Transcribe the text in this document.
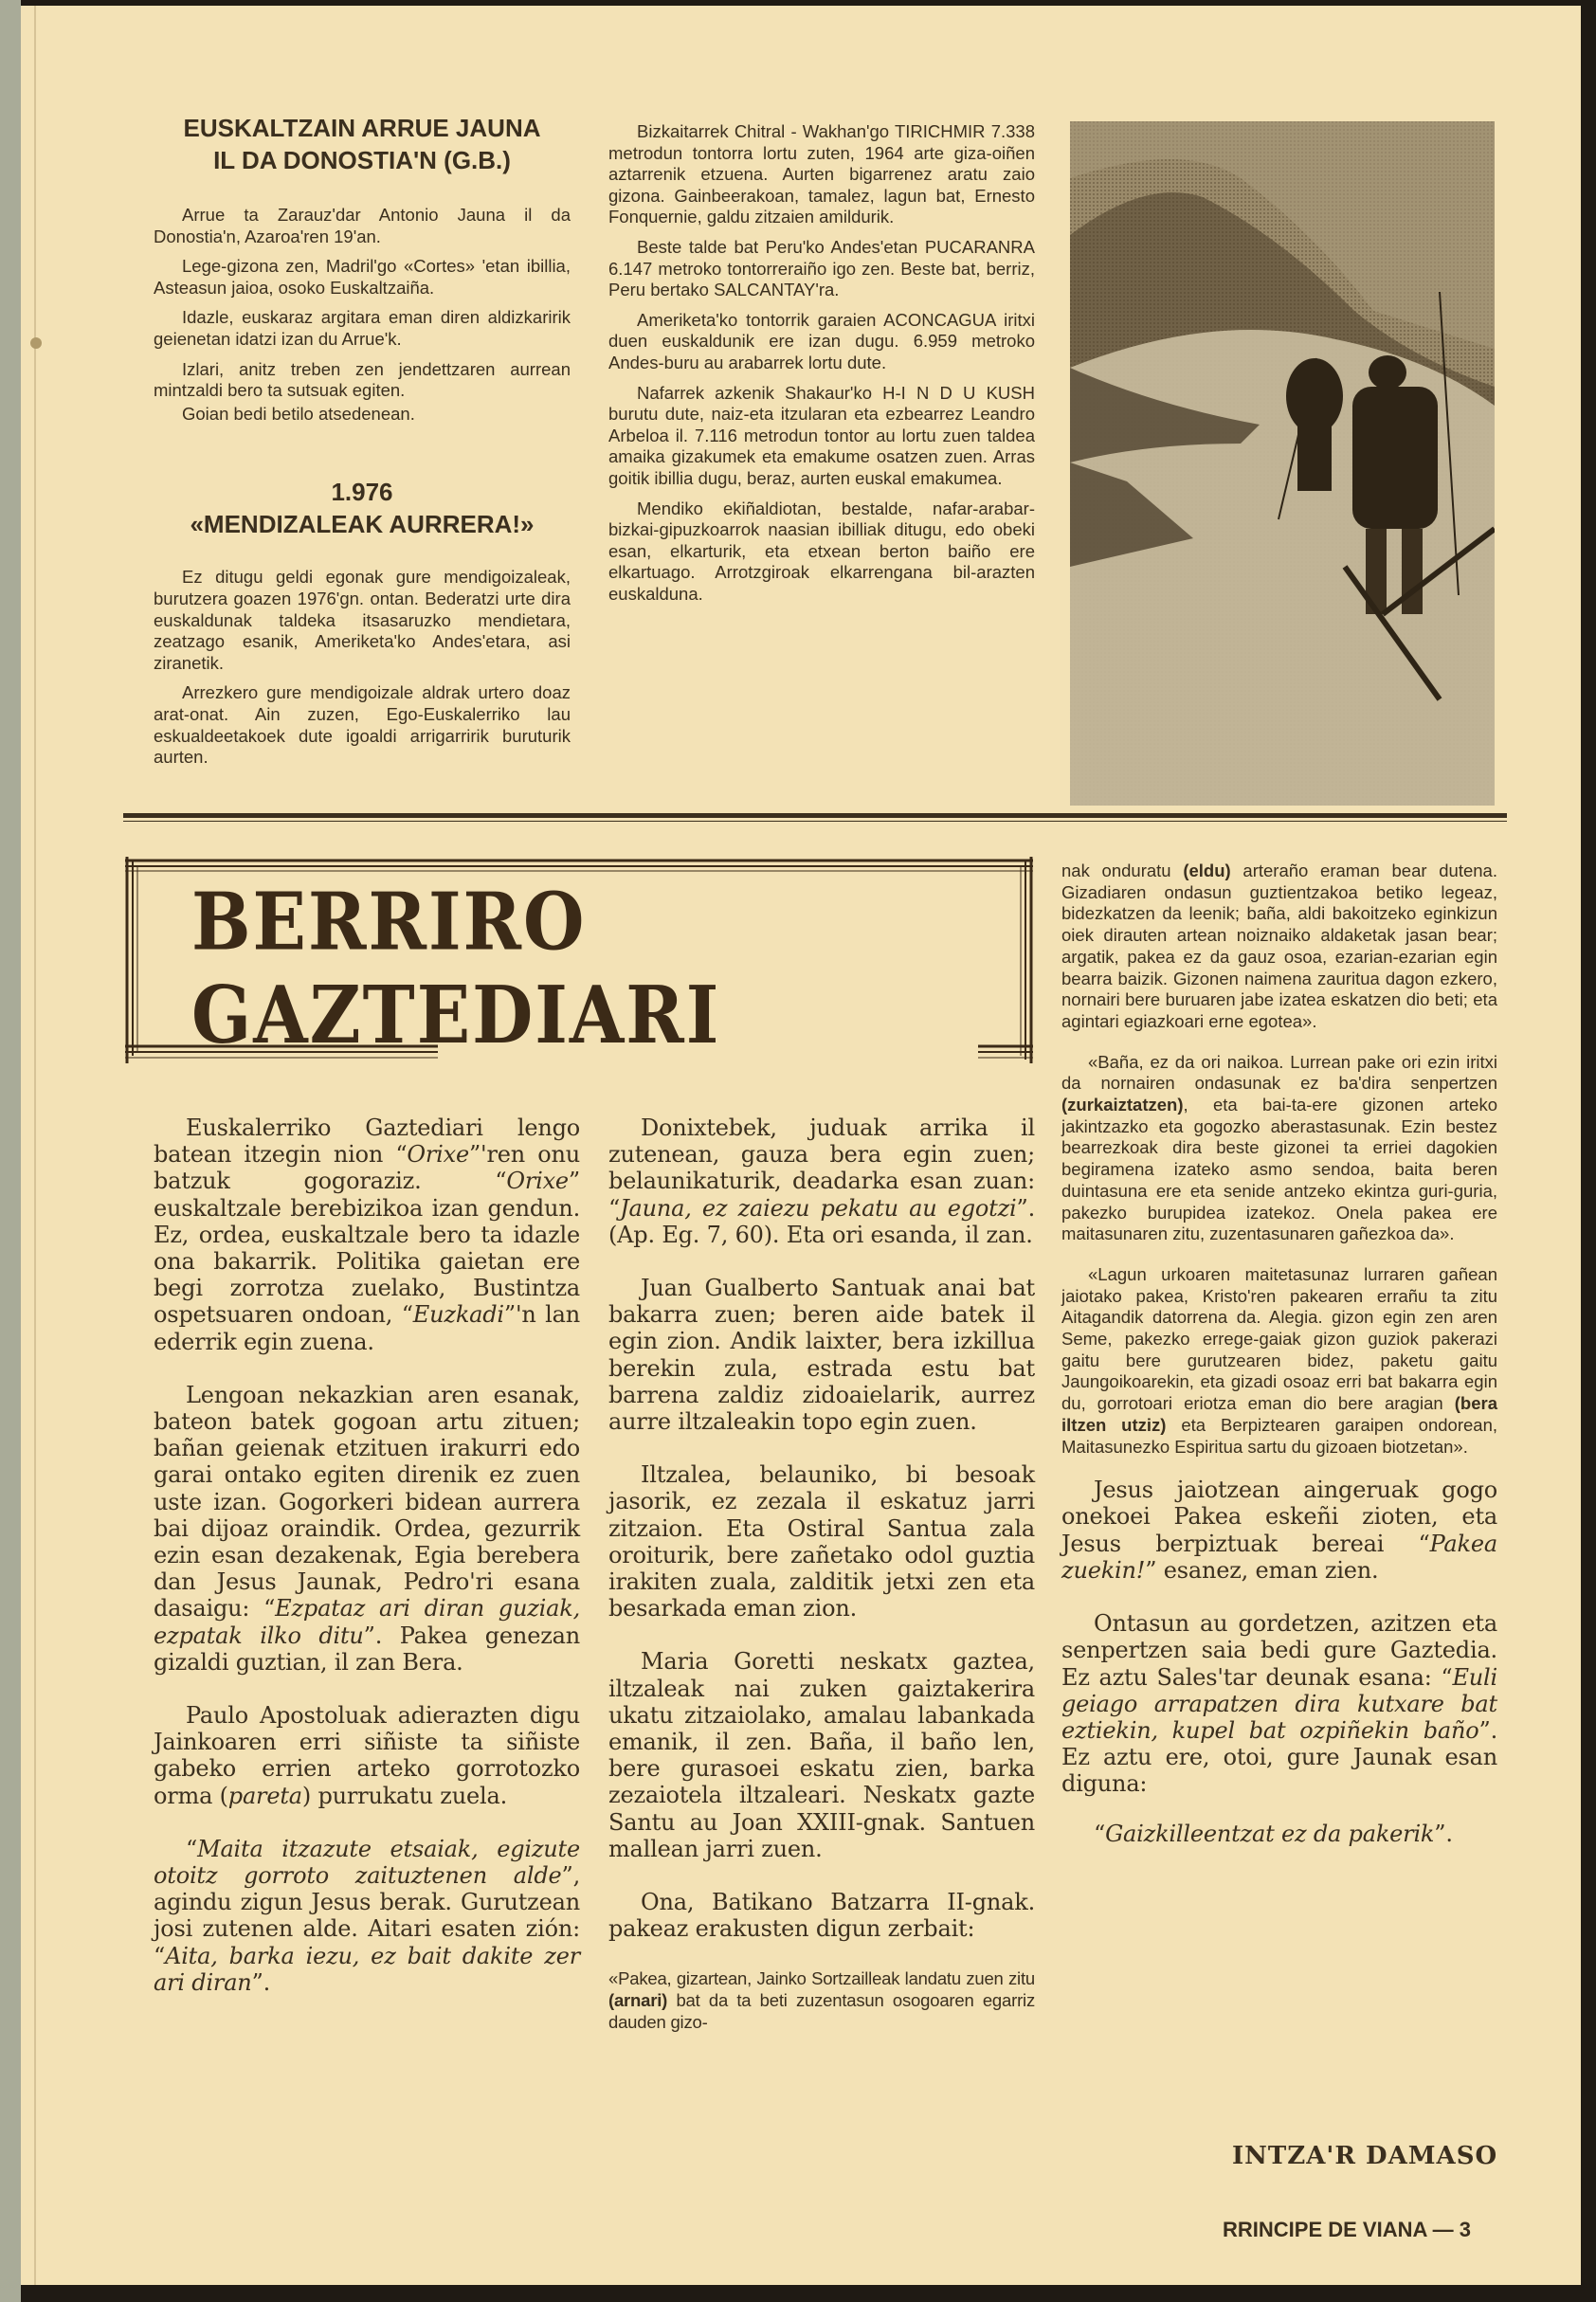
EUSKALTZAIN ARRUE JAUNA

IL DA DONOSTIA'N (G.B.)

Arrue ta Zarauz'dar Antonio Jauna il da Donostia'n, Azaroa'ren 19'an.

Lege-gizona zen, Madril'go «Cortes» 'etan ibillia, Asteasun jaioa, osoko Euskaltzaiña.

Idazle, euskaraz argitara eman diren aldizkaririk geienetan idatzi izan du Arrue'k.

Izlari, anitz treben zen jendettzaren aurrean mintzaldi bero ta sutsuak egiten.

Goian bedi betilo atsedenean.

1.976

«MENDIZALEAK AURRERA!»

Ez ditugu geldi egonak gure mendigoizaleak, burutzera goazen 1976'gn. ontan. Bederatzi urte dira euskaldunak taldeka itsasaruzko mendietara, zeatzago esanik, Ameriketa'ko Andes'etara, asi ziranetik.

Arrezkero gure mendigoizale aldrak urtero doaz arat-onat. Ain zuzen, Ego-Euskalerriko lau eskualdeetakoek dute igoaldi arrigarririk buruturik aurten.

Bizkaitarrek Chitral - Wakhan'go TIRICHMIR 7.338 metrodun tontorra lortu zuten, 1964 arte giza-oiñen aztarrenik etzuena. Aurten bigarrenez aratu zaio gizona. Gainbeerakoan, tamalez, lagun bat, Ernesto Fonquernie, galdu zitzaien amildurik.

Beste talde bat Peru'ko Andes'etan PUCARANRA 6.147 metroko tontorreraiño igo zen. Beste bat, berriz, Peru bertako SALCANTAY'ra.

Ameriketa'ko tontorrik garaien ACONCAGUA iritxi duen euskaldunik ere izan dugu. 6.959 metroko Andes-buru au arabarrek lortu dute.

Nafarrek azkenik Shakaur'ko H-I N D U KUSH burutu dute, naiz-eta itzularan eta ezbearrez Leandro Arbeloa il. 7.116 metrodun tontor au lortu zuen taldea amaika gizakumek eta emakume osatzen zuen. Arras goitik ibillia dugu, beraz, aurten euskal emakumea.

Mendiko ekiñaldiotan, bestalde, nafar-arabar-bizkai-gipuzkoarrok naasian ibilliak ditugu, edo obeki esan, elkarturik, eta etxean berton baiño ere elkartuago. Arrotzgiroak elkarrengana bil-arazten euskalduna.

BERRIRO
GAZTEDIARI

Euskalerriko Gaztediari lengo batean itzegin nion “Orixe”'ren onu batzuk gogoraziz. “Orixe” euskaltzale berebizikoa izan gendun. Ez, ordea, euskaltzale bero ta idazle ona bakarrik. Politika gaietan ere begi zorrotza zuelako, Bustintza ospetsuaren ondoan, “Euzkadi”'n lan ederrik egin zuena.

Lengoan nekazkian aren esanak, bateon batek gogoan artu zituen; bañan geienak etzituen irakurri edo garai ontako egiten direnik ez zuen uste izan. Gogorkeri bidean aurrera bai dijoaz oraindik. Ordea, gezurrik ezin esan dezakenak, Egia berebera dan Jesus Jaunak, Pedro'ri esana dasaigu: “Ezpataz ari diran guziak, ezpatak ilko ditu”. Pakea genezan gizaldi guztian, il zan Bera.

Paulo Apostoluak adierazten digu Jainkoaren erri siñiste ta siñiste gabeko errien arteko gorrotozko orma (pareta) purrukatu zuela.

“Maita itzazute etsaiak, egizute otoitz gorroto zaituztenen alde”, agindu zigun Jesus berak. Gurutzean josi zutenen alde. Aitari esaten zión: “Aita, barka iezu, ez bait dakite zer ari diran”.

Donixtebek, juduak arrika il zutenean, gauza bera egin zuen; belaunikaturik, deadarka esan zuan: “Jauna, ez zaiezu pekatu au egotzi”. (Ap. Eg. 7, 60). Eta ori esanda, il zan.

Juan Gualberto Santuak anai bat bakarra zuen; beren aide batek il egin zion. Andik laixter, bera izkillua berekin zula, estrada estu bat barrena zaldiz zidoaielarik, aurrez aurre iltzaleakin topo egin zuen.

Iltzalea, belauniko, bi besoak jasorik, ez zezala il eskatuz jarri zitzaion. Eta Ostiral Santua zala oroiturik, bere zañetako odol guztia irakiten zuala, zalditik jetxi zen eta besarkada eman zion.

Maria Goretti neskatx gaztea, iltzaleak nai zuken gaiztakerira ukatu zitzaiolako, amalau labankada emanik, il zen. Baña, il baño len, bere gurasoei eskatu zien, barka zezaiotela iltzaleari. Neskatx gazte Santu au Joan XXIII-gnak. Santuen mallean jarri zuen.

Ona, Batikano Batzarra II-gnak. pakeaz erakusten digun zerbait:

«Pakea, gizartean, Jainko Sortzailleak landatu zuen zitu (arnari) bat da ta beti zuzentasun osogoaren egarriz dauden gizo-

nak onduratu (eldu) arteraño eraman bear dutena. Gizadiaren ondasun guztientzakoa betiko legeaz, bidezkatzen da leenik; baña, aldi bakoitzeko eginkizun oiek dirauten artean noiznaiko aldaketak jasan bear; argatik, pakea ez da gauz osoa, ezarian-ezarian egin bearra baizik. Gizonen naimena zauritua dagon ezkero, nornairi bere buruaren jabe izatea eskatzen dio beti; eta agintari egiazkoari erne egotea».

«Baña, ez da ori naikoa. Lurrean pake ori ezin iritxi da nornairen ondasunak ez ba'dira senpertzen (zurkaiztatzen), eta bai-ta-ere gizonen arteko jakintzazko eta gogozko aberastasunak. Ezin bestez bearrezkoak dira beste gizonei ta erriei dagokien begiramena izateko asmo sendoa, baita beren duintasuna ere eta senide antzeko ekintza guri-guria, pakezko burupidea izatekoz. Onela pakea ere maitasunaren zitu, zuzentasunaren gañezkoa da».

«Lagun urkoaren maitetasunaz lurraren gañean jaiotako pakea, Kristo'ren pakearen errañu ta zitu Aitagandik datorrena da. Alegia. gizon egin zen aren Seme, pakezko errege-gaiak gizon guziok pakerazi gaitu bere gurutzearen bidez, paketu gaitu Jaungoikoarekin, eta gizadi osoaz erri bat bakarra egin du, gorrotoari eriotza eman dio bere aragian (bera iltzen utziz) eta Berpiztearen garaipen ondorean, Maitasunezko Espiritua sartu du gizoaen biotzetan».

Jesus jaiotzean aingeruak gogo onekoei Pakea eskeñi zioten, eta Jesus berpiztuak bereai “Pakea zuekin!” esanez, eman zien.

Ontasun au gordetzen, azitzen eta senpertzen saia bedi gure Gaztedia. Ez aztu Sales'tar deunak esana: “Euli geiago arrapatzen dira kutxare bat eztiekin, kupel bat ozpiñekin baño”. Ez aztu ere, otoi, gure Jaunak esan diguna:

“Gaizkilleentzat ez da pakerik”.

INTZA'R DAMASO
RRINCIPE DE VIANA — 3
